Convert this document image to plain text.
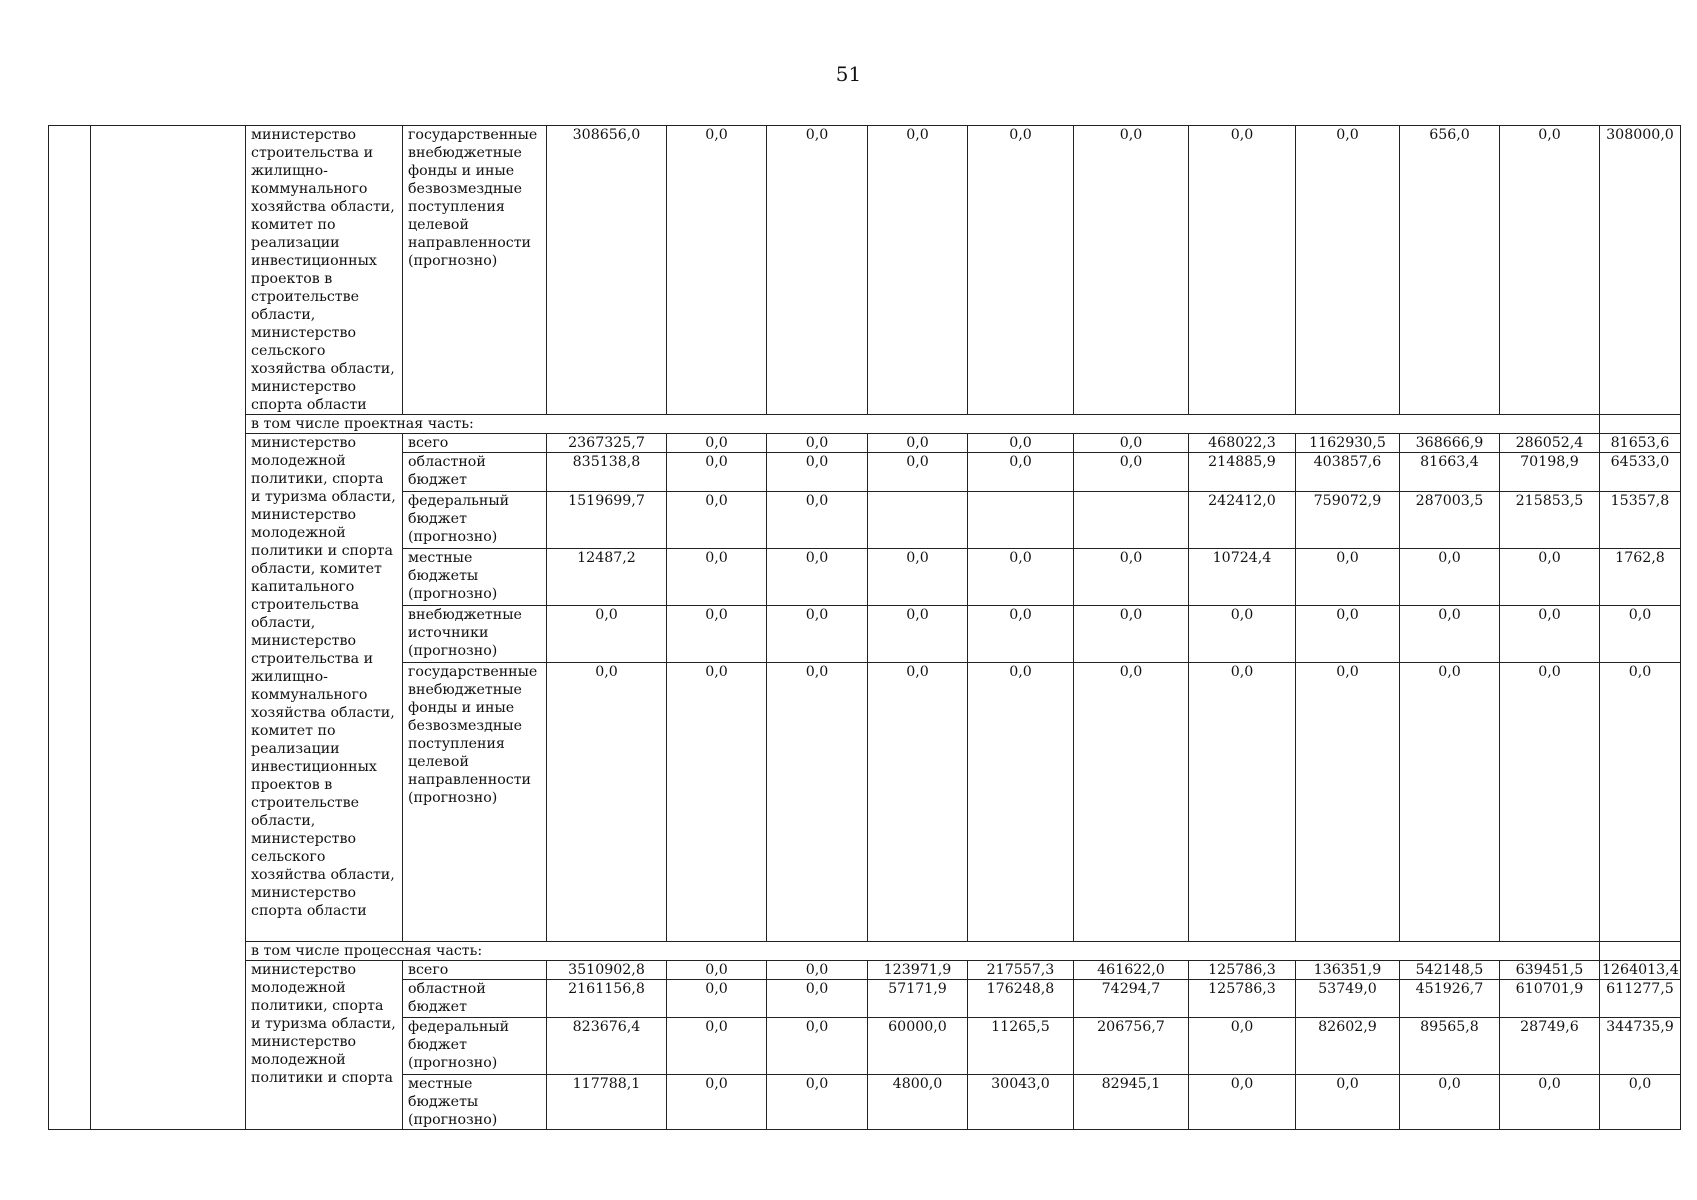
51
		министерство строительства и жилищно-коммунального хозяйства области, комитет по реализации инвестиционных проектов в строительстве области, министерство сельского хозяйства области, министерство спорта области	государственные внебюджетные фонды и иные безвозмездные поступления целевой направленности (прогнозно)	308656,0	0,0	0,0	0,0	0,0	0,0	0,0	0,0	656,0	0,0	308000,0
		в том числе проектная часть:												
		министерство молодежной политики, спорта и туризма области, министерство молодежной политики и спорта области, комитет капитального строительства области, министерство строительства и жилищно-коммунального хозяйства области, комитет по реализации инвестиционных проектов в строительстве области, министерство сельского хозяйства области, министерство спорта области	всего	2367325,7	0,0	0,0	0,0	0,0	0,0	468022,3	1162930,5	368666,9	286052,4	81653,6
			областной бюджет	835138,8	0,0	0,0	0,0	0,0	0,0	214885,9	403857,6	81663,4	70198,9	64533,0
			федеральный бюджет (прогнозно)	1519699,7	0,0	0,0				242412,0	759072,9	287003,5	215853,5	15357,8
			местные бюджеты (прогнозно)	12487,2	0,0	0,0	0,0	0,0	0,0	10724,4	0,0	0,0	0,0	1762,8
			внебюджетные источники (прогнозно)	0,0	0,0	0,0	0,0	0,0	0,0	0,0	0,0	0,0	0,0	0,0
			государственные внебюджетные фонды и иные безвозмездные поступления целевой направленности (прогнозно)	0,0	0,0	0,0	0,0	0,0	0,0	0,0	0,0	0,0	0,0	0,0
		в том числе процессная часть:												
		министерство молодежной политики, спорта и туризма области, министерство молодежной политики и спорта	всего	3510902,8	0,0	0,0	123971,9	217557,3	461622,0	125786,3	136351,9	542148,5	639451,5	1264013,4
			областной бюджет	2161156,8	0,0	0,0	57171,9	176248,8	74294,7	125786,3	53749,0	451926,7	610701,9	611277,5
			федеральный бюджет (прогнозно)	823676,4	0,0	0,0	60000,0	11265,5	206756,7	0,0	82602,9	89565,8	28749,6	344735,9
			местные бюджеты (прогнозно)	117788,1	0,0	0,0	4800,0	30043,0	82945,1	0,0	0,0	0,0	0,0	0,0
